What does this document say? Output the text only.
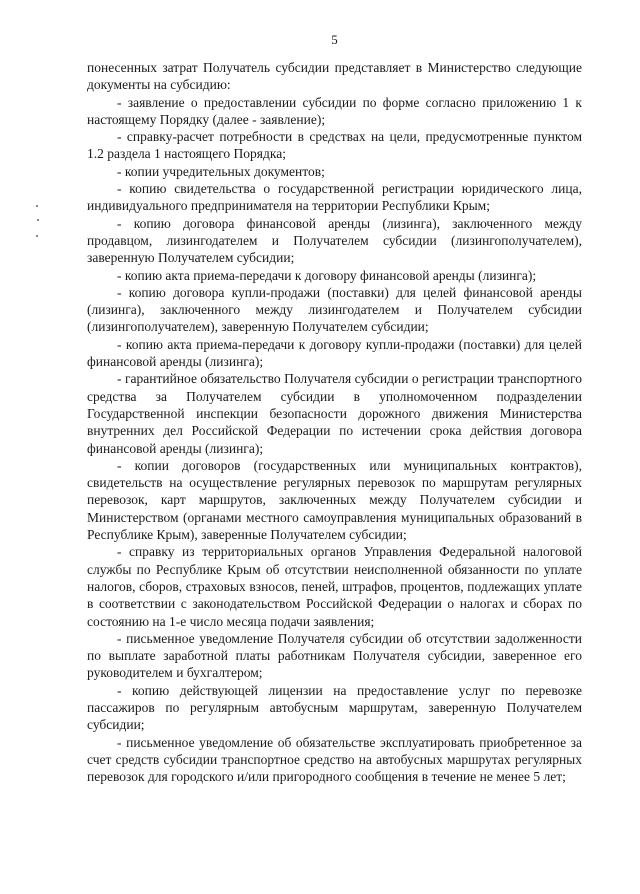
5

понесенных затрат Получатель субсидии представляет в Министерство следующие документы на субсидию:

- заявление о предоставлении субсидии по форме согласно приложению 1 к настоящему Порядку (далее - заявление);

- справку-расчет потребности в средствах на цели, предусмотренные пунктом 1.2 раздела 1 настоящего Порядка;

- копии учредительных документов;

- копию свидетельства о государственной регистрации юридического лица, индивидуального предпринимателя на территории Республики Крым;

- копию договора финансовой аренды (лизинга), заключенного между продавцом, лизингодателем и Получателем субсидии (лизингополучателем), заверенную Получателем субсидии;

- копию акта приема-передачи к договору финансовой аренды (лизинга);

- копию договора купли-продажи (поставки) для целей финансовой аренды (лизинга), заключенного между лизингодателем и Получателем субсидии (лизингополучателем), заверенную Получателем субсидии;

- копию акта приема-передачи к договору купли-продажи (поставки) для целей финансовой аренды (лизинга);

- гарантийное обязательство Получателя субсидии о регистрации транспортного средства за Получателем субсидии в уполномоченном подразделении Государственной инспекции безопасности дорожного движения Министерства внутренних дел Российской Федерации по истечении срока действия договора финансовой аренды (лизинга);

- копии договоров (государственных или муниципальных контрактов), свидетельств на осуществление регулярных перевозок по маршрутам регулярных перевозок, карт маршрутов, заключенных между Получателем субсидии и Министерством (органами местного самоуправления муниципальных образований в Республике Крым), заверенные Получателем субсидии;

- справку из территориальных органов Управления Федеральной налоговой службы по Республике Крым об отсутствии неисполненной обязанности по уплате налогов, сборов, страховых взносов, пеней, штрафов, процентов, подлежащих уплате в соответствии с законодательством Российской Федерации о налогах и сборах по состоянию на 1-е число месяца подачи заявления;

- письменное уведомление Получателя субсидии об отсутствии задолженности по выплате заработной платы работникам Получателя субсидии, заверенное его руководителем и бухгалтером;

- копию действующей лицензии на предоставление услуг по перевозке пассажиров по регулярным автобусным маршрутам, заверенную Получателем субсидии;

- письменное уведомление об обязательстве эксплуатировать приобретенное за счет средств субсидии транспортное средство на автобусных маршрутах регулярных перевозок для городского и/или пригородного сообщения в течение не менее 5 лет;
